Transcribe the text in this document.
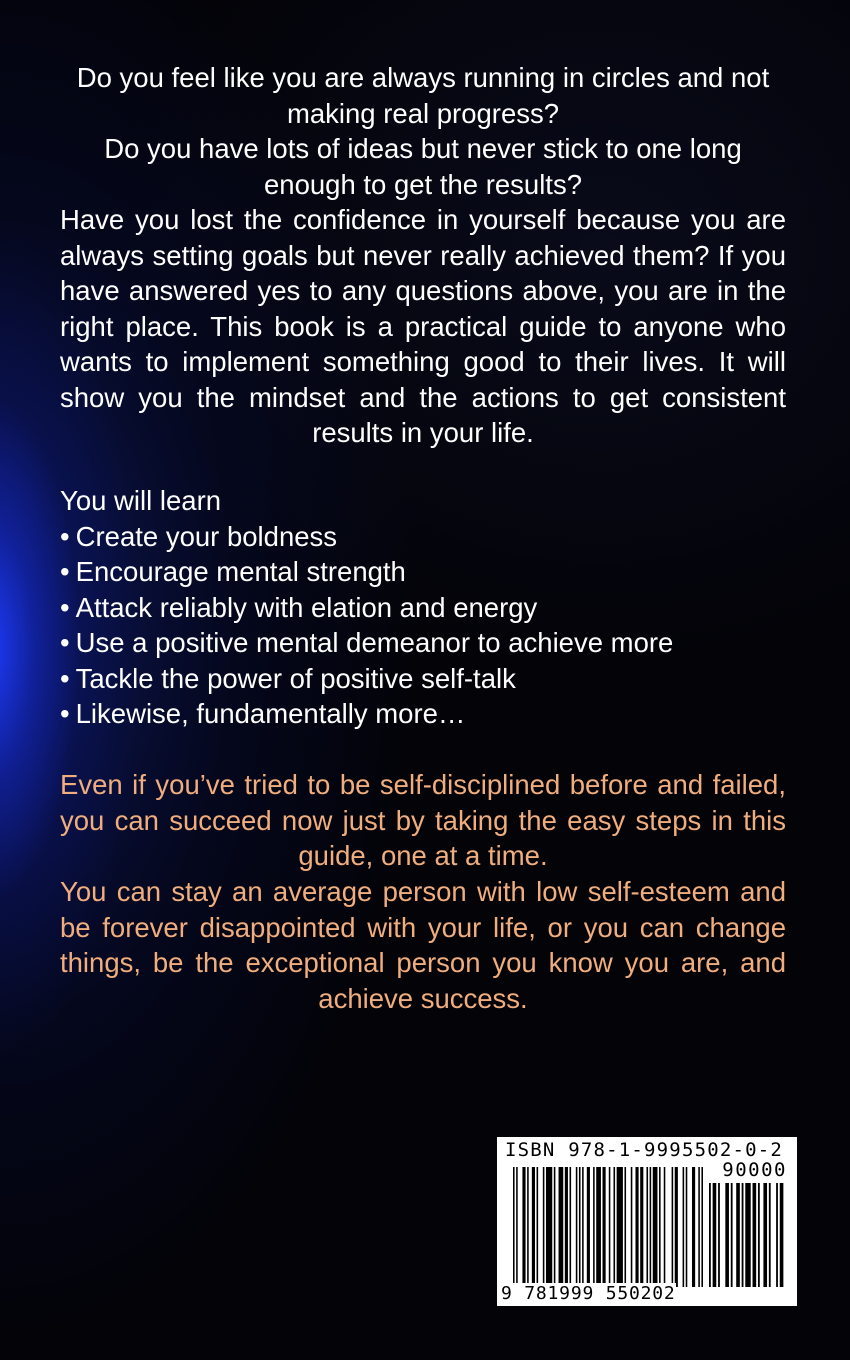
Do you feel like you are always running in circles and not making real progress?

Do you have lots of ideas but never stick to one long enough to get the results?

Have you lost the confidence in yourself because you are always setting goals but never really achieved them? If you have answered yes to any questions above, you are in the right place. This book is a practical guide to anyone who wants to implement something good to their lives. It will show you the mindset and the actions to get consistent results in your life.

You will learn
• Create your boldness
• Encourage mental strength
• Attack reliably with elation and energy
• Use a positive mental demeanor to achieve more
• Tackle the power of positive self-talk
• Likewise, fundamentally more…

Even if you’ve tried to be self-disciplined before and failed, you can succeed now just by taking the easy steps in this guide, one at a time.

You can stay an average person with low self-esteem and be forever disappointed with your life, or you can change things, be the exceptional person you know you are, and achieve success.

ISBN 978-1-9995502-0-2
90000
9 781999 550202
